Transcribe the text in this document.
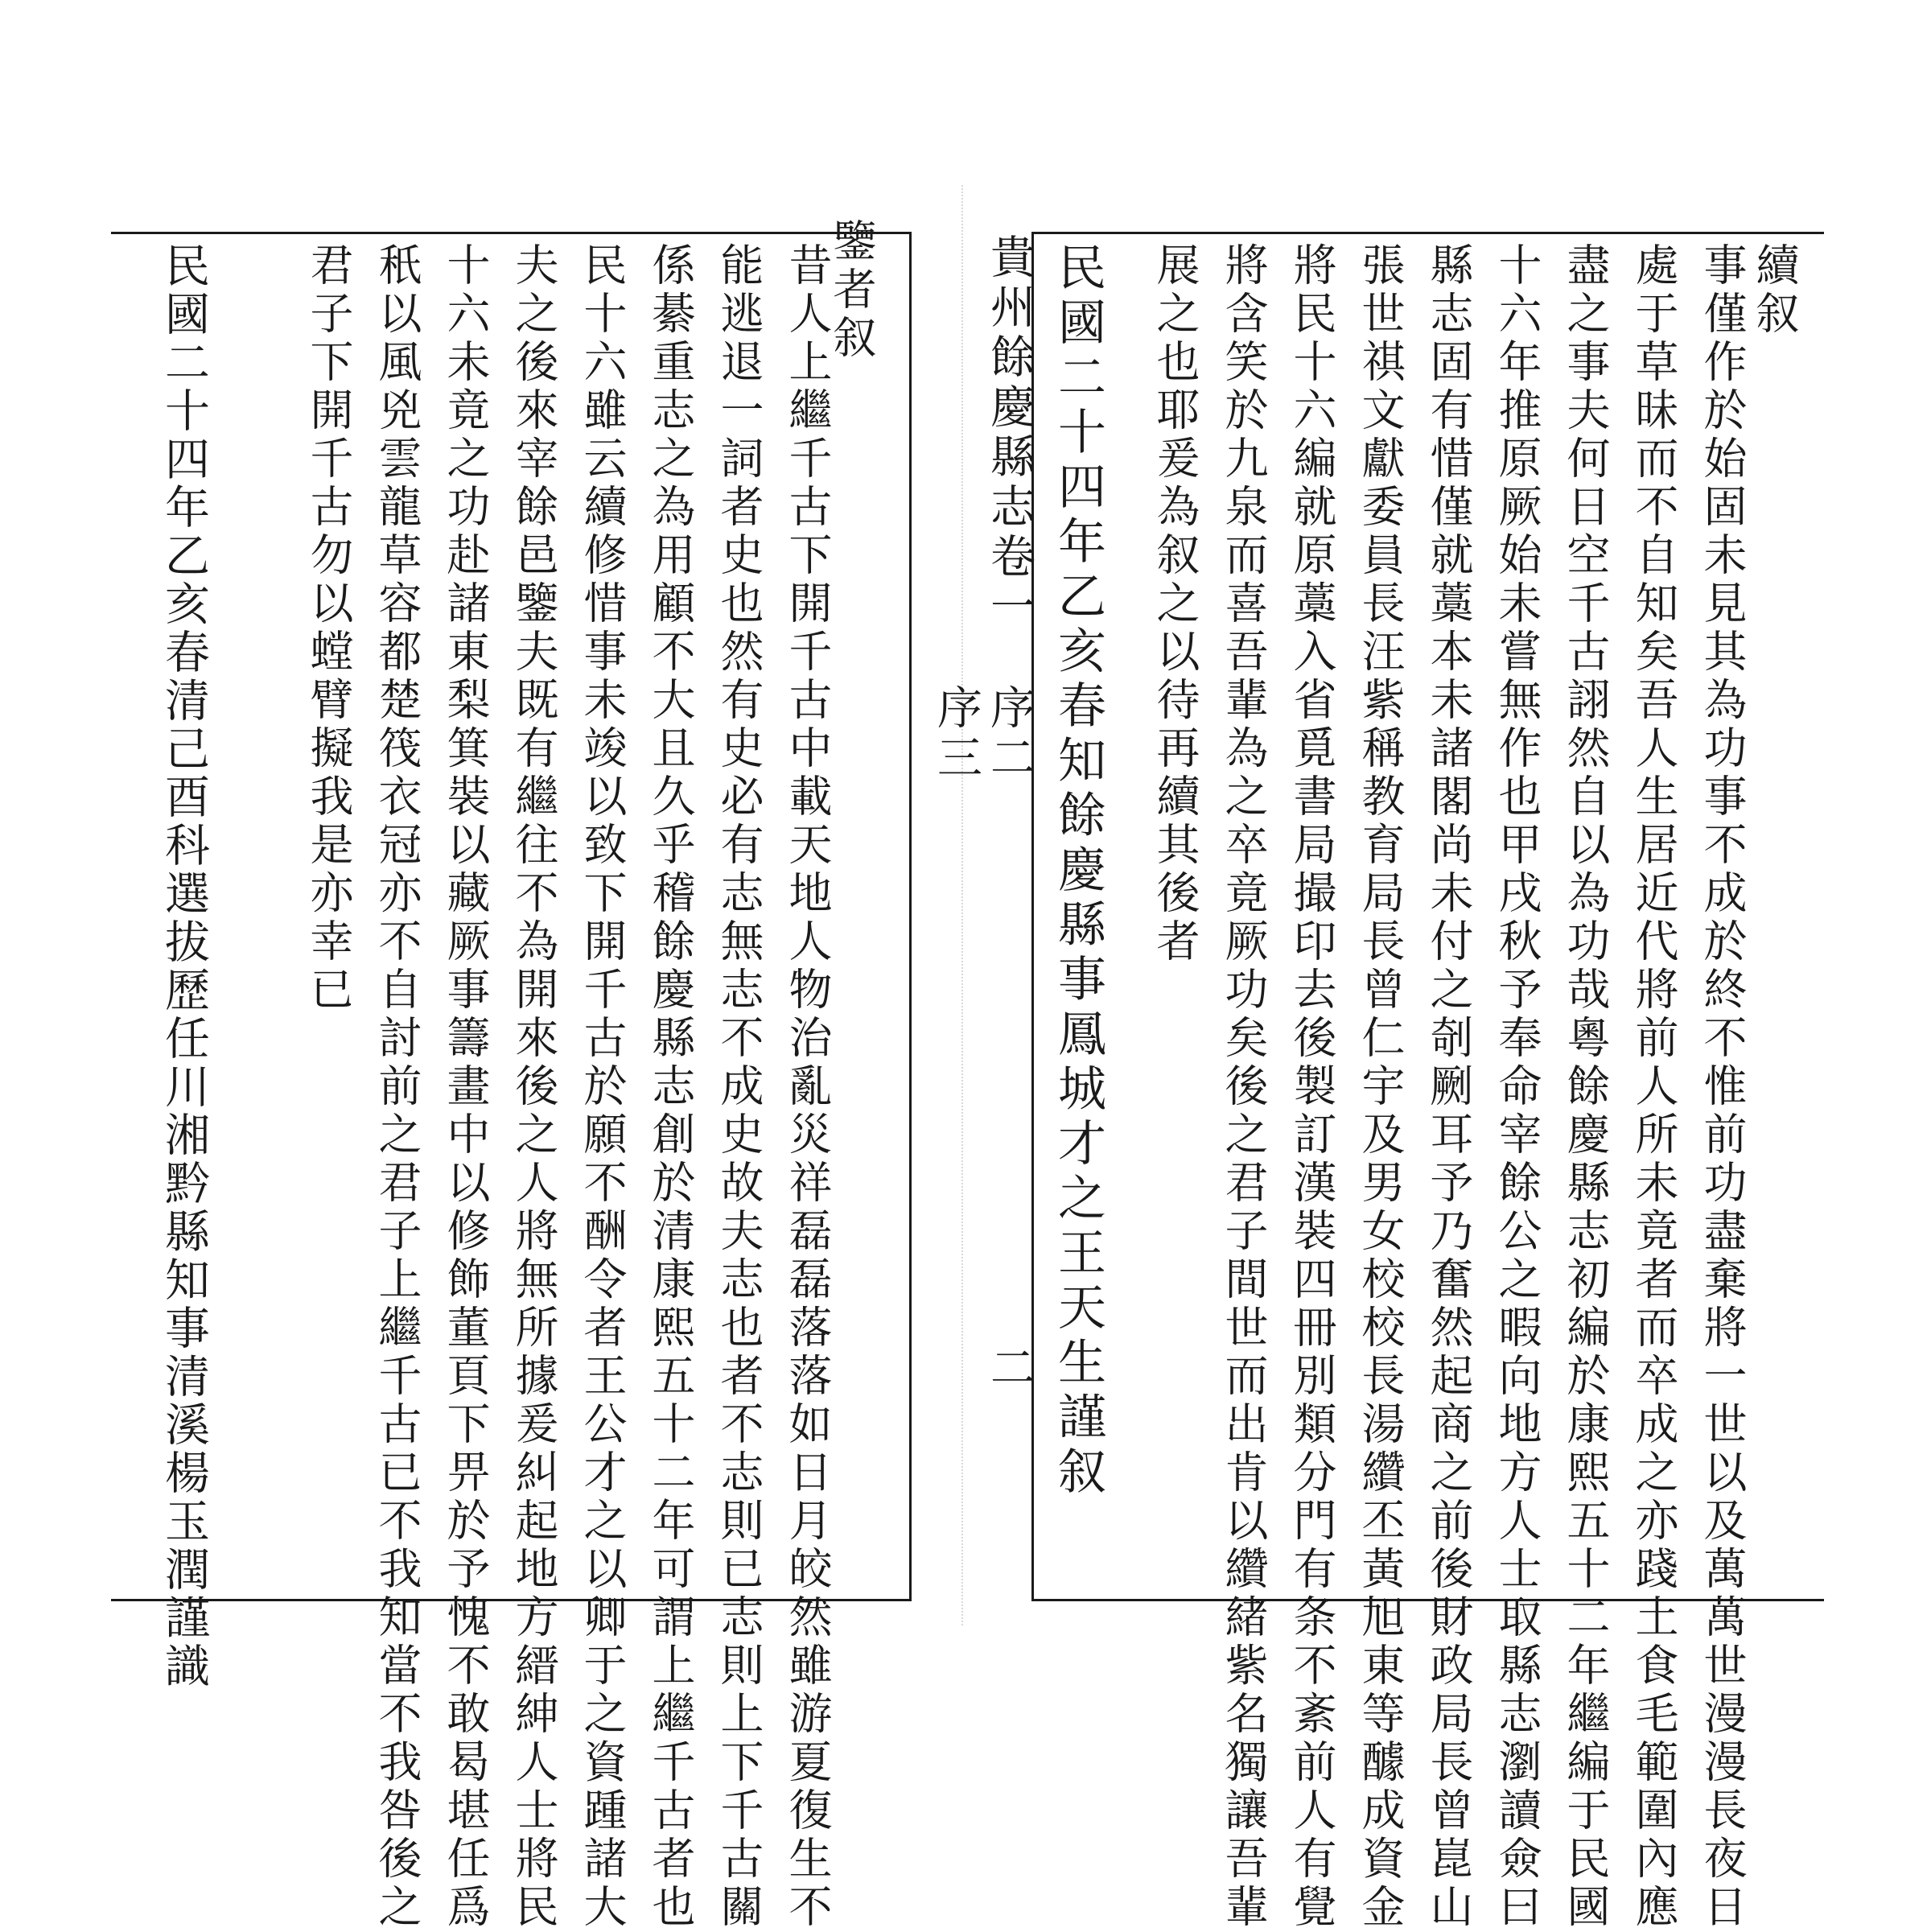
續叙
事僅作於始固未見其為功事不成於終不惟前功盡棄將一世以及萬萬世漫漫長夜日
處于草昧而不自知矣吾人生居近代將前人所未竟者而卒成之亦踐土食毛範圍內應
盡之事夫何日空千古詡然自以為功哉粵餘慶縣志初編於康熙五十二年繼編于民國
十六年推原厥始未嘗無作也甲戌秋予奉命宰餘公之暇向地方人士取縣志瀏讀僉曰
縣志固有惜僅就藁本未諸閣尚未付之剞劂耳予乃奮然起商之前後財政局長曾崑山
張世祺文獻委員長汪紫稱教育局長曾仁宇及男女校校長湯纘丕黃旭東等醵成資金
將民十六編就原藁入省覓書局撮印去後製訂漢裝四冊別類分門有条不紊前人有覺
將含笑於九泉而喜吾輩為之卒竟厥功矣後之君子間世而出肯以纘緒紫名獨讓吾輩
展之也耶爰為叙之以待再續其後者
民國二十四年乙亥春知餘慶縣事鳳城才之王天生謹叙
貴州餘慶縣志卷一
序二
序三
二
鑒者叙
昔人上繼千古下開千古中載天地人物治亂災祥磊磊落落如日月皎然雖游夏復生不
能逃退一詞者史也然有史必有志無志不成史故夫志也者不志則已志則上下千古關
係綦重志之為用顧不大且久乎稽餘慶縣志創於清康熙五十二年可謂上繼千古者也
民十六雖云續修惜事未竣以致下開千古於願不酬令者王公才之以卿于之資踵諸大
夫之後來宰餘邑鑒夫既有繼往不為開來後之人將無所據爰糾起地方縉紳人士將民
十六未竟之功赴諸東梨箕裝以藏厥事籌畫中以修飾董頁下畀於予愧不敢曷堪任爲
秖以風兇雲龍草容都楚筏衣冠亦不自討前之君子上繼千古已不我知當不我咎後之
君子下開千古勿以螳臂擬我是亦幸已
民國二十四年乙亥春清己酉科選拔歷任川湘黔縣知事清溪楊玉潤謹識
